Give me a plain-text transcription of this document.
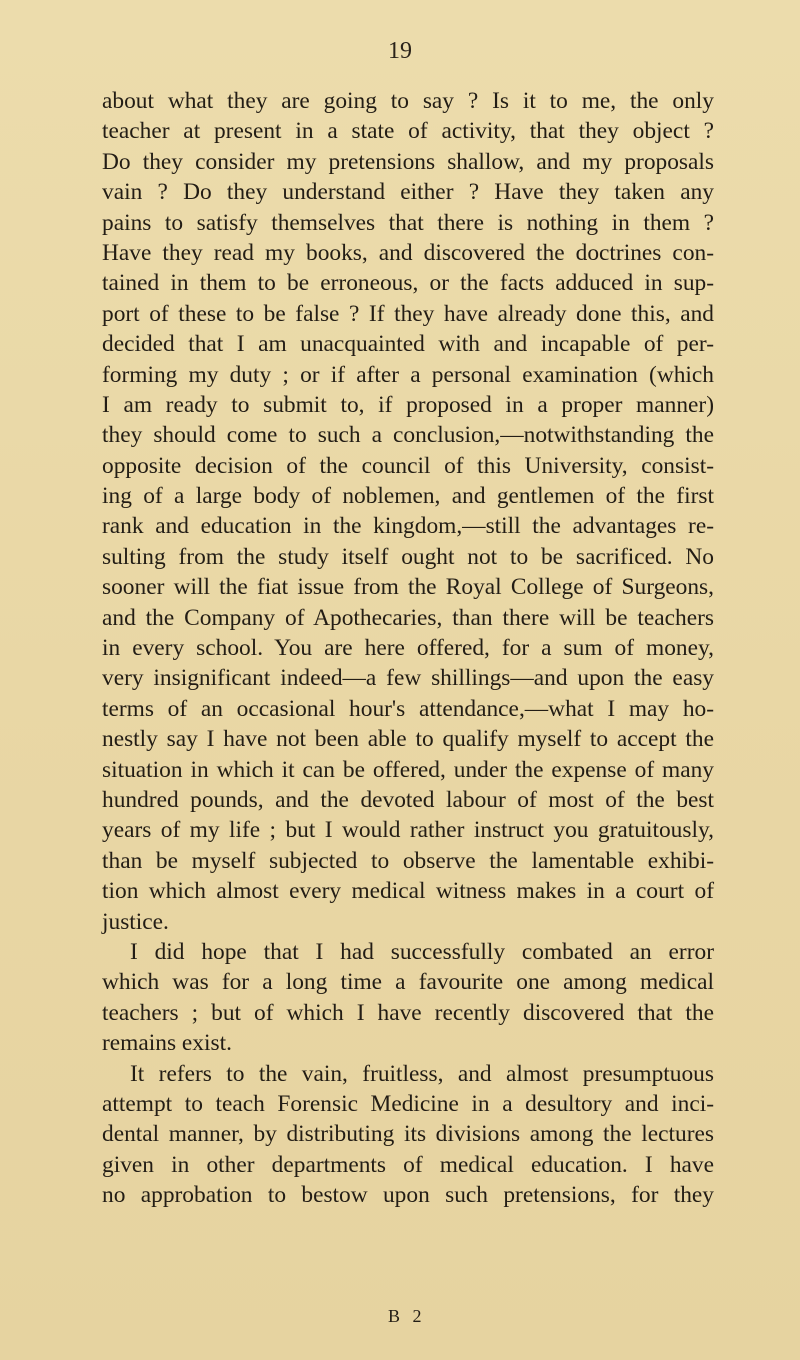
19
about what they are going to say ? Is it to me, the only
teacher at present in a state of activity, that they object ?
Do they consider my pretensions shallow, and my proposals
vain ? Do they understand either ? Have they taken any
pains to satisfy themselves that there is nothing in them ?
Have they read my books, and discovered the doctrines con-
tained in them to be erroneous, or the facts adduced in sup-
port of these to be false ? If they have already done this, and
decided that I am unacquainted with and incapable of per-
forming my duty ; or if after a personal examination (which
I am ready to submit to, if proposed in a proper manner)
they should come to such a conclusion,—notwithstanding the
opposite decision of the council of this University, consist-
ing of a large body of noblemen, and gentlemen of the first
rank and education in the kingdom,—still the advantages re-
sulting from the study itself ought not to be sacrificed. No
sooner will the fiat issue from the Royal College of Surgeons,
and the Company of Apothecaries, than there will be teachers
in every school. You are here offered, for a sum of money,
very insignificant indeed—a few shillings—and upon the easy
terms of an occasional hour's attendance,—what I may ho-
nestly say I have not been able to qualify myself to accept the
situation in which it can be offered, under the expense of many
hundred pounds, and the devoted labour of most of the best
years of my life ; but I would rather instruct you gratuitously,
than be myself subjected to observe the lamentable exhibi-
tion which almost every medical witness makes in a court of
justice.
I did hope that I had successfully combated an error
which was for a long time a favourite one among medical
teachers ; but of which I have recently discovered that the
remains exist.
It refers to the vain, fruitless, and almost presumptuous
attempt to teach Forensic Medicine in a desultory and inci-
dental manner, by distributing its divisions among the lectures
given in other departments of medical education. I have
no approbation to bestow upon such pretensions, for they
B 2
